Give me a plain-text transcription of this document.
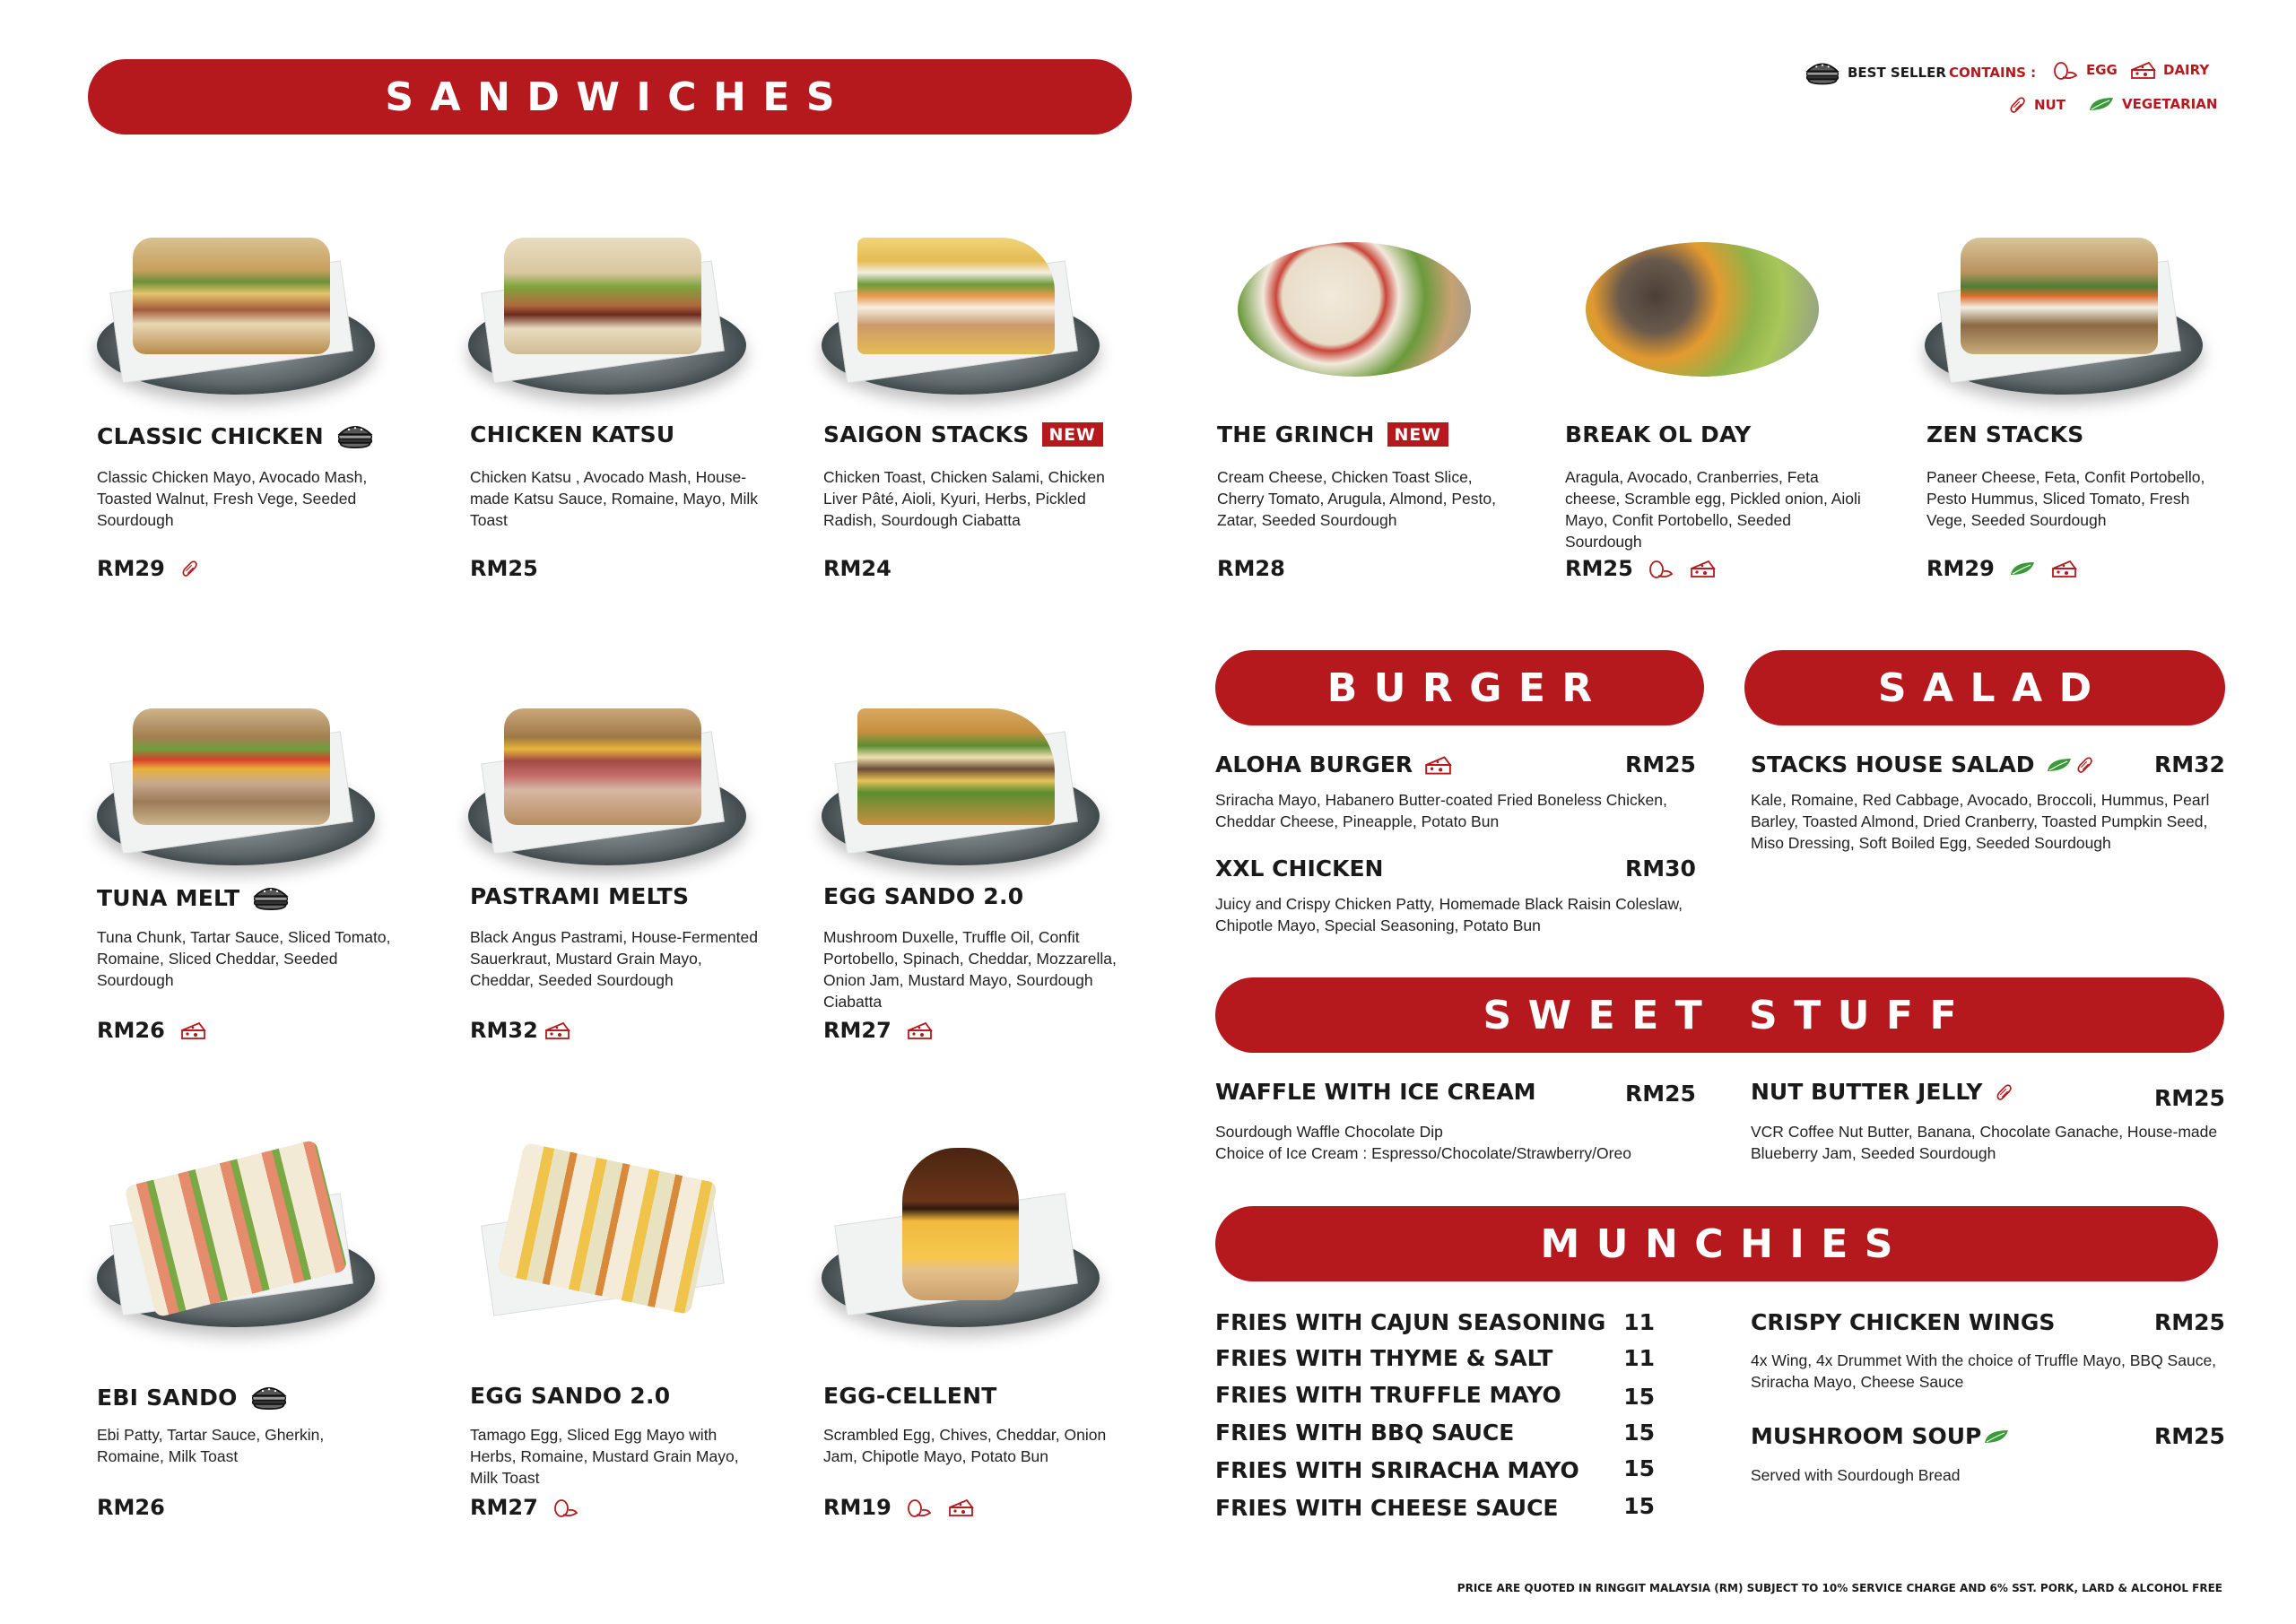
SANDWICHES
BEST SELLER CONTAINS :	EGG	DAIRY
NUT	VEGETARIAN
CLASSIC CHICKEN
Classic Chicken Mayo, Avocado Mash, Toasted Walnut, Fresh Vege, Seeded Sourdough
RM29
CHICKEN KATSU
Chicken Katsu , Avocado Mash, House-made Katsu Sauce, Romaine, Mayo, Milk Toast
RM25
SAIGON STACKS	NEW
Chicken Toast, Chicken Salami, Chicken Liver Pâté, Aioli, Kyuri, Herbs, Pickled Radish, Sourdough Ciabatta
RM24
THE GRINCH	NEW
Cream Cheese, Chicken Toast Slice, Cherry Tomato, Arugula, Almond, Pesto, Zatar, Seeded Sourdough
RM28
BREAK OL DAY
Aragula, Avocado, Cranberries, Feta cheese, Scramble egg, Pickled onion, Aioli Mayo, Confit Portobello, Seeded Sourdough
RM25
ZEN STACKS
Paneer Cheese, Feta, Confit Portobello, Pesto Hummus, Sliced Tomato, Fresh Vege, Seeded Sourdough
RM29
TUNA MELT
Tuna Chunk, Tartar Sauce, Sliced Tomato, Romaine, Sliced Cheddar, Seeded Sourdough
RM26
PASTRAMI MELTS
Black Angus Pastrami, House-Fermented Sauerkraut, Mustard Grain Mayo, Cheddar, Seeded Sourdough
RM32
EGG SANDO 2.0
Mushroom Duxelle, Truffle Oil, Confit Portobello, Spinach, Cheddar, Mozzarella, Onion Jam, Mustard Mayo, Sourdough Ciabatta
RM27
EBI SANDO
Ebi Patty, Tartar Sauce, Gherkin, Romaine, Milk Toast
RM26
EGG SANDO 2.0
Tamago Egg, Sliced Egg Mayo with Herbs, Romaine, Mustard Grain Mayo, Milk Toast
RM27
EGG-CELLENT
Scrambled Egg, Chives, Cheddar, Onion Jam, Chipotle Mayo, Potato Bun
RM19
BURGER
ALOHA BURGER	RM25
Sriracha Mayo, Habanero Butter-coated Fried Boneless Chicken, Cheddar Cheese, Pineapple, Potato Bun
XXL CHICKEN	RM30
Juicy and Crispy Chicken Patty, Homemade Black Raisin Coleslaw, Chipotle Mayo, Special Seasoning, Potato Bun
SALAD
STACKS HOUSE SALAD	RM32
Kale, Romaine, Red Cabbage, Avocado, Broccoli, Hummus, Pearl Barley, Toasted Almond, Dried Cranberry, Toasted Pumpkin Seed, Miso Dressing, Soft Boiled Egg, Seeded Sourdough
SWEET STUFF
WAFFLE WITH ICE CREAM	RM25
Sourdough Waffle Chocolate Dip
Choice of Ice Cream : Espresso/Chocolate/Strawberry/Oreo
NUT BUTTER JELLY	RM25
VCR Coffee Nut Butter, Banana, Chocolate Ganache, House-made Blueberry Jam, Seeded Sourdough
MUNCHIES
FRIES WITH CAJUN SEASONING 11
FRIES WITH THYME & SALT	11
FRIES WITH TRUFFLE MAYO	15
FRIES WITH BBQ SAUCE	15
FRIES WITH SRIRACHA MAYO 15
FRIES WITH CHEESE SAUCE	15
CRISPY CHICKEN WINGS	RM25
4x Wing, 4x Drummet With the choice of Truffle Mayo, BBQ Sauce, Sriracha Mayo, Cheese Sauce
MUSHROOM SOUP	RM25
Served with Sourdough Bread
PRICE ARE QUOTED IN RINGGIT MALAYSIA (RM) SUBJECT TO 10% SERVICE CHARGE AND 6% SST. PORK, LARD & ALCOHOL FREE
